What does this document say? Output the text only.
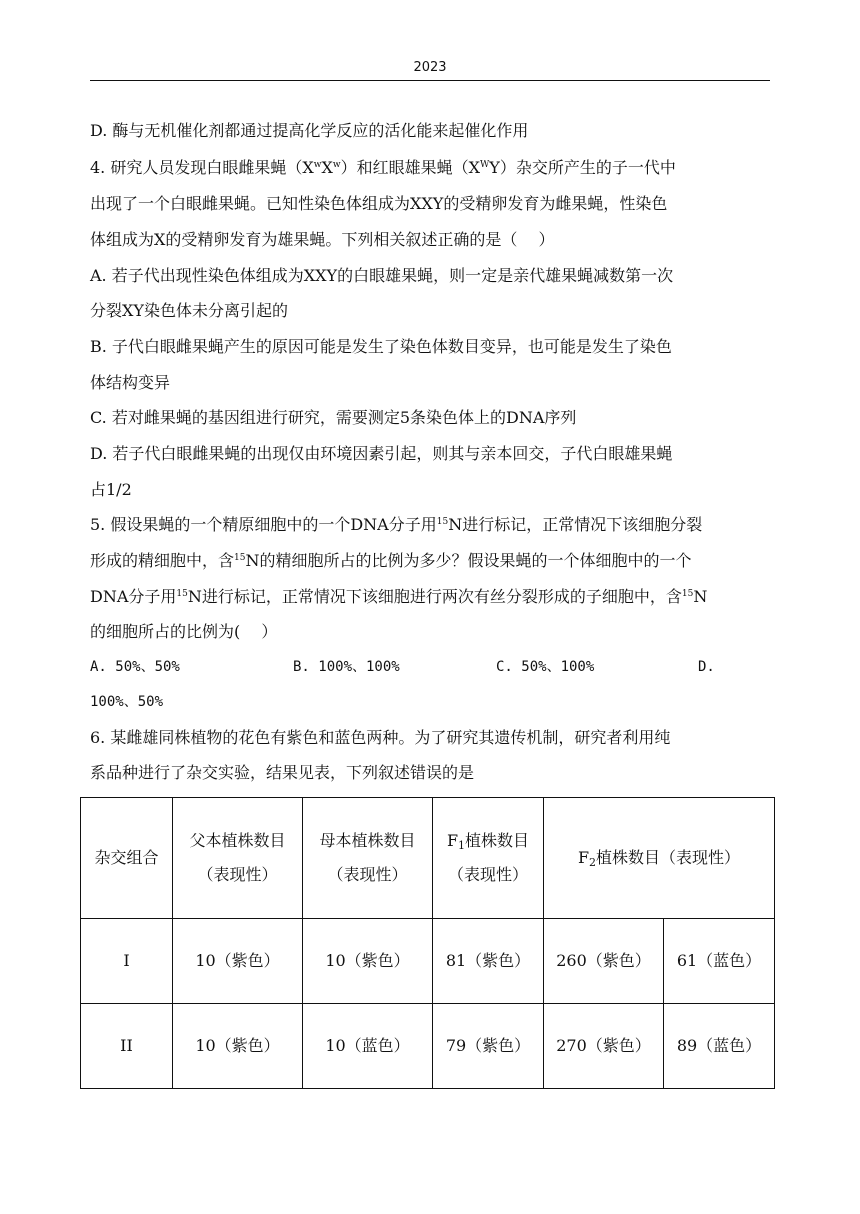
2023
D. 酶与无机催化剂都通过提高化学反应的活化能来起催化作用
4. 研究人员发现白眼雌果蝇$(X^wX^w)$和红眼雄果蝇$(X^WY)$杂交所产生的子一代中
出现了一个白眼雌果蝇。已知性染色体组成为XXY的受精卵发育为雌果蝇，性染色
体组成为X的受精卵发育为雄果蝇。下列相关叙述正确的是（　 ）
A. 若子代出现性染色体组成为XXY的白眼雄果蝇，则一定是亲代雄果蝇减数第一次
分裂XY染色体未分离引起的
B. 子代白眼雌果蝇产生的原因可能是发生了染色体数目变异，也可能是发生了染色
体结构变异
C. 若对雌果蝇的基因组进行研究，需要测定5条染色体上的DNA序列
D. 若子代白眼雌果蝇的出现仅由环境因素引起，则其与亲本回交，子代白眼雄果蝇
占1/2
5. 假设果蝇的一个精原细胞中的一个DNA分子用$^{15}$N进行标记，正常情况下该细胞分裂
形成的精细胞中，含$^{15}$N的精细胞所占的比例为多少？假设果蝇的一个体细胞中的一个
DNA分子用$^{15}$N进行标记，正常情况下该细胞进行两次有丝分裂形成的子细胞中，含$^{15}$N
的细胞所占的比例为(　 ）
A. 50%、50%	B. 100%、100%	C. 50%、100%	D.
100%、50%
6. 某雌雄同株植物的花色有紫色和蓝色两种。为了研究其遗传机制，研究者利用纯
系品种进行了杂交实验，结果见表，下列叙述错误的是
杂交组合	父本植株数目（表现性）	母本植株数目（表现性）	$F_1$植株数目（表现性）	$F_2$植株数目（表现性）	
I	10（紫色）	10（紫色）	81（紫色）	260（紫色）	61（蓝色）
II	10（紫色）	10（蓝色）	79（紫色）	270（紫色）	89（蓝色）
